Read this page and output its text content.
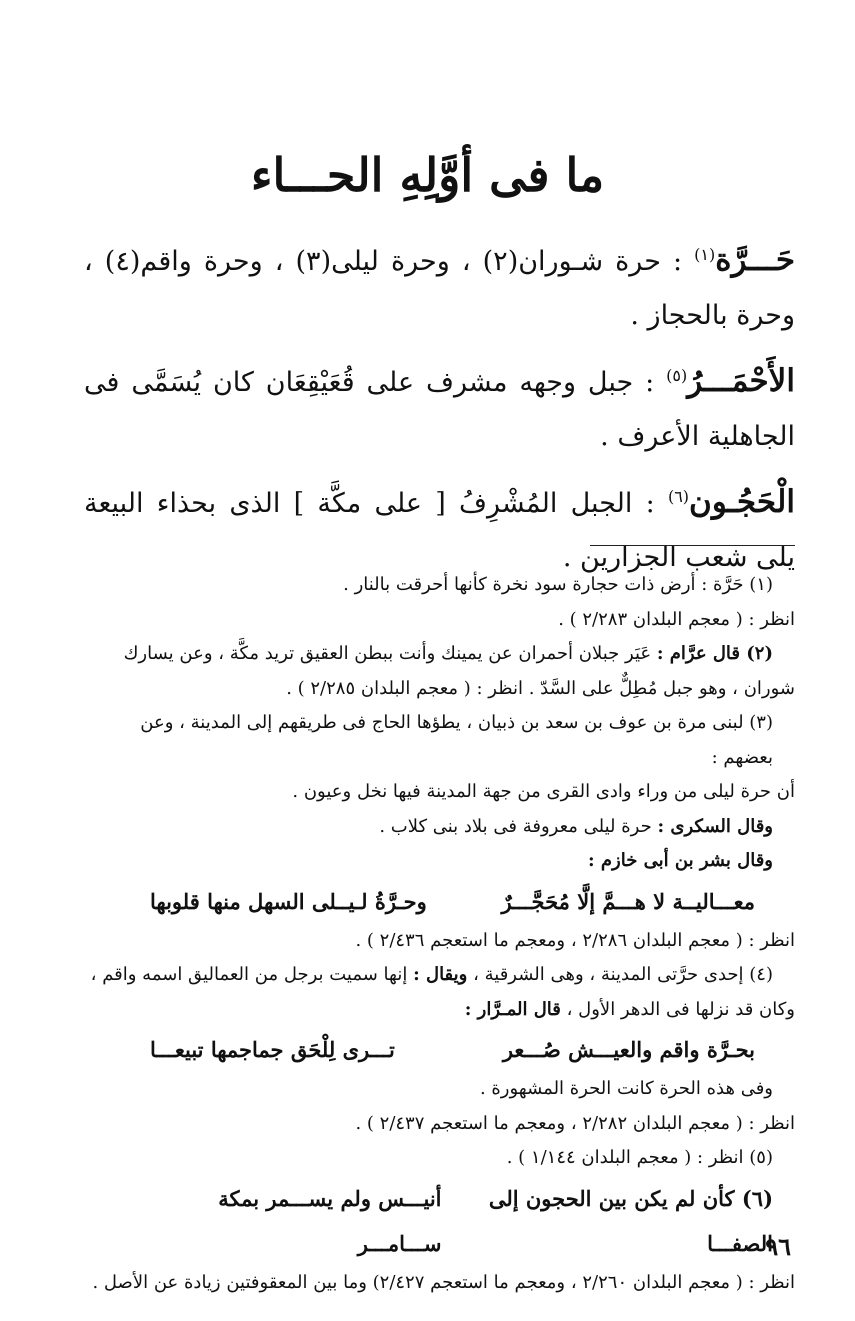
ما فى أوَّلِهِ الحـــاء
حَـــرَّة$^{(١)}$ : حرة شـوران(٢) ، وحرة ليلى(٣) ، وحرة واقم(٤) ، وحرة بالحجاز .
الأَحْمَـــرُ$^{(٥)}$ : جبل وجهه مشرف على قُعَيْقِعَان كان يُسَمَّى فى الجاهلية الأعرف .
الْحَجُـون$^{(٦)}$ : الجبل المُشْرِفُ [ على مكَّة ] الذى بحذاء البيعة يلى شعب الجزارين .

(١) حَرَّة : أرض ذات حجارة سود نخرة كأنها أحرقت بالنار .

انظر : ( معجم البلدان ٢/٢٨٣ ) .

(٢) قال عرَّام : عَيَر جبلان أحمران عن يمينك وأنت ببطن العقيق تريد مكَّة ، وعن يسارك

شوران ، وهو جبل مُطِلٌّ على السَّدّ . انظر : ( معجم البلدان ٢/٢٨٥ ) .

(٣) لبنى مرة بن عوف بن سعد بن ذبيان ، يطؤها الحاج فى طريقهم إلى المدينة ، وعن بعضهم :

أن حرة ليلى من وراء وادى القرى من جهة المدينة فيها نخل وعيون .

وقال السكرى : حرة ليلى معروفة فى بلاد بنى كلاب .

وقال بشر بن أبى خازم :

معـــاليــة لا هـــمَّ إلَّا مُحَجَّـــرٌ
وحـرَّةُ لـيــلى السهل منها قلوبها

انظر : ( معجم البلدان ٢/٢٨٦ ، ومعجم ما استعجم ٢/٤٣٦ ) .

(٤) إحدى حرَّتى المدينة ، وهى الشرقية ، ويقال : إنها سميت برجل من العماليق اسمه واقم ،

وكان قد نزلها فى الدهر الأول ، قال المـرَّار :

بحـرَّة واقم والعيـــش صُـــعر
تـــرى لِلْحَق جماجمها تبيعـــا

وفى هذه الحرة كانت الحرة المشهورة .

انظر : ( معجم البلدان ٢/٢٨٢ ، ومعجم ما استعجم ٢/٤٣٧ ) .

(٥) انظر : ( معجم البلدان ١/١٤٤ ) .

(٦) كأن لم يكن بين الحجون إلى الصفـــا
أنيـــس ولم يســـمر بمكة ســـامـــر

انظر : ( معجم البلدان ٢/٢٦٠ ، ومعجم ما استعجم ٢/٤٢٧) وما بين المعقوفتين زيادة عن الأصل .

٩٦
